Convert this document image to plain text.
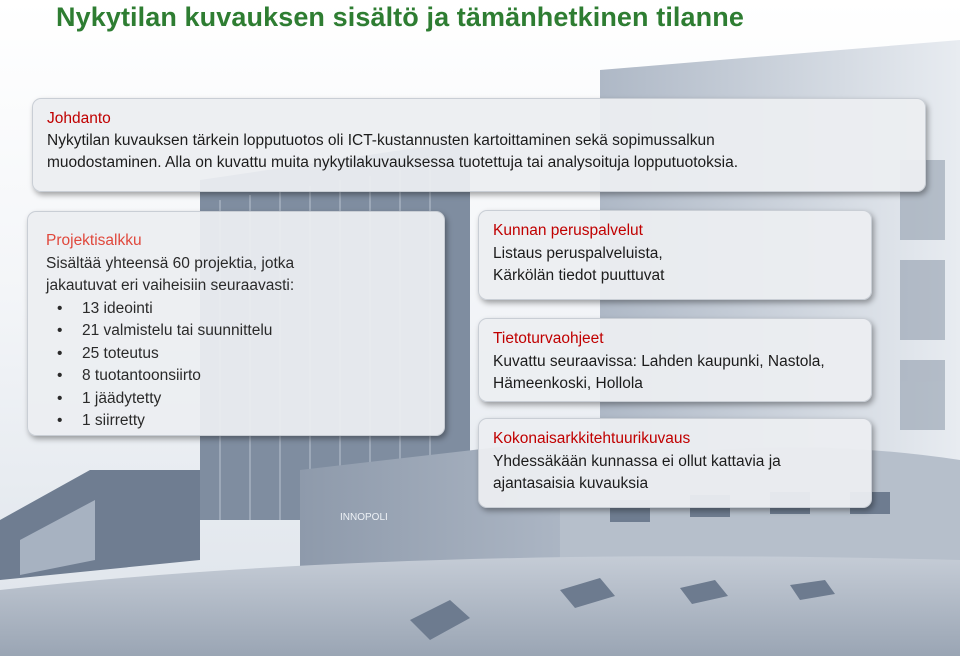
INNOPOLI
Nykytilan kuvauksen sisältö ja tämänhetkinen tilanne
Johdanto
Nykytilan kuvauksen tärkein lopputuotos oli ICT-kustannusten kartoittaminen sekä sopimussalkun
muodostaminen. Alla on kuvattu muita nykytilakuvauksessa tuotettuja tai analysoituja lopputuotoksia.
Projektisalkku
Sisältää yhteensä 60 projektia, jotka
jakautuvat eri vaiheisiin seuraavasti:
• 13 ideointi
• 21 valmistelu tai suunnittelu
• 25 toteutus
• 8 tuotantoonsiirto
• 1 jäädytetty
• 1 siirretty
Kunnan peruspalvelut
Listaus peruspalveluista,
Kärkölän tiedot puuttuvat
Tietoturvaohjeet
Kuvattu seuraavissa: Lahden kaupunki, Nastola,
Hämeenkoski, Hollola
Kokonaisarkkitehtuurikuvaus
Yhdessäkään kunnassa ei ollut kattavia ja
ajantasaisia kuvauksia
